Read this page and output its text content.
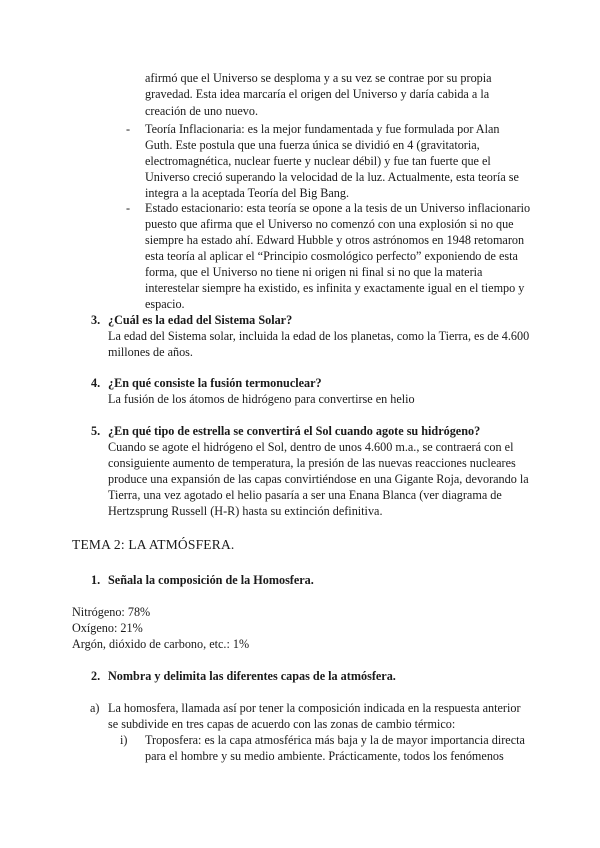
afirmó que el Universo se desploma y a su vez se contrae por su propia
gravedad. Esta idea marcaría el origen del Universo y daría cabida a la
creación de uno nuevo.
- Teoría Inflacionaria: es la mejor fundamentada y fue formulada por Alan
Guth. Este postula que una fuerza única se dividió en 4 (gravitatoria,
electromagnética, nuclear fuerte y nuclear débil) y fue tan fuerte que el
Universo creció superando la velocidad de la luz. Actualmente, esta teoría se
integra a la aceptada Teoría del Big Bang.
- Estado estacionario: esta teoría se opone a la tesis de un Universo inflacionario
puesto que afirma que el Universo no comenzó con una explosión si no que
siempre ha estado ahí. Edward Hubble y otros astrónomos en 1948 retomaron
esta teoría al aplicar el “Principio cosmológico perfecto” exponiendo de esta
forma, que el Universo no tiene ni origen ni final si no que la materia
interestelar siempre ha existido, es infinita y exactamente igual en el tiempo y
espacio.
3. ¿Cuál es la edad del Sistema Solar?
La edad del Sistema solar, incluida la edad de los planetas, como la Tierra, es de 4.600
millones de años.
4. ¿En qué consiste la fusión termonuclear?
La fusión de los átomos de hidrógeno para convertirse en helio
5. ¿En qué tipo de estrella se convertirá el Sol cuando agote su hidrógeno?
Cuando se agote el hidrógeno el Sol, dentro de unos 4.600 m.a., se contraerá con el
consiguiente aumento de temperatura, la presión de las nuevas reacciones nucleares
produce una expansión de las capas convirtiéndose en una Gigante Roja, devorando la
Tierra, una vez agotado el helio pasaría a ser una Enana Blanca (ver diagrama de
Hertzsprung Russell (H-R) hasta su extinción definitiva.
TEMA 2: LA ATMÓSFERA.
1. Señala la composición de la Homosfera.
Nitrógeno: 78%
Oxígeno: 21%
Argón, dióxido de carbono, etc.: 1%
2. Nombra y delimita las diferentes capas de la atmósfera.
a) La homosfera, llamada así por tener la composición indicada en la respuesta anterior
se subdivide en tres capas de acuerdo con las zonas de cambio térmico:
i) Troposfera: es la capa atmosférica más baja y la de mayor importancia directa
para el hombre y su medio ambiente. Prácticamente, todos los fenómenos
